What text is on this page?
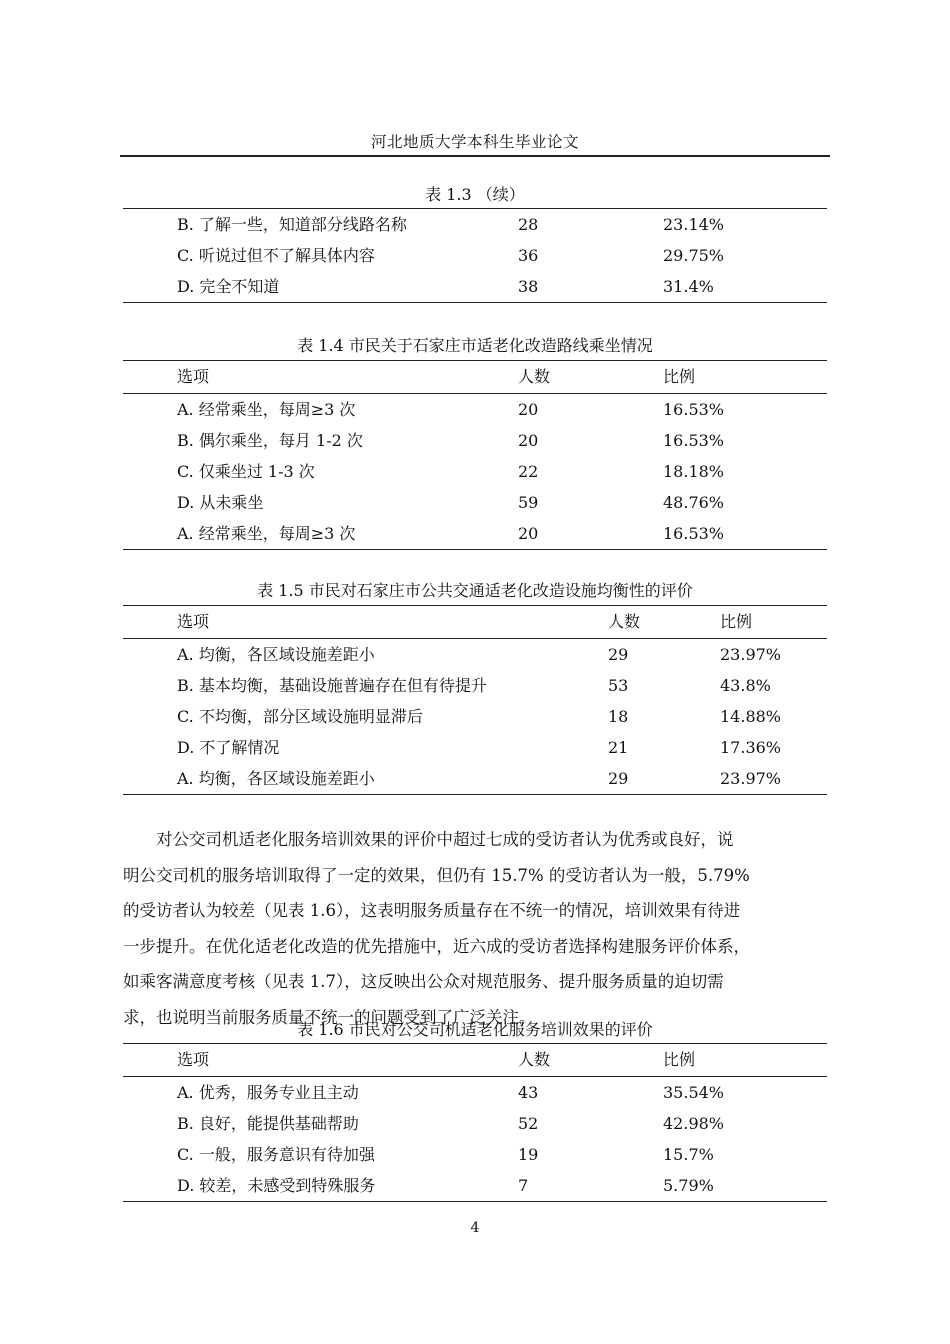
河北地质大学本科生毕业论文
表 1.3 （续）
B. 了解一些，知道部分线路名称	28	23.14%
C. 听说过但不了解具体内容	36	29.75%
D. 完全不知道	38	31.4%
表 1.4 市民关于石家庄市适老化改造路线乘坐情况
选项	人数	比例
A. 经常乘坐，每周≥3 次	20	16.53%
B. 偶尔乘坐，每月 1-2 次	20	16.53%
C. 仅乘坐过 1-3 次	22	18.18%
D. 从未乘坐	59	48.76%
A. 经常乘坐，每周≥3 次	20	16.53%
表 1.5 市民对石家庄市公共交通适老化改造设施均衡性的评价
选项	人数	比例
A. 均衡，各区域设施差距小	29	23.97%
B. 基本均衡，基础设施普遍存在但有待提升	53	43.8%
C. 不均衡，部分区域设施明显滞后	18	14.88%
D. 不了解情况	21	17.36%
A. 均衡，各区域设施差距小	29	23.97%

对公交司机适老化服务培训效果的评价中超过七成的受访者认为优秀或良好，说
明公交司机的服务培训取得了一定的效果，但仍有 15.7% 的受访者认为一般，5.79%
的受访者认为较差（见表 1.6），这表明服务质量存在不统一的情况，培训效果有待进
一步提升。在优化适老化改造的优先措施中，近六成的受访者选择构建服务评价体系，
如乘客满意度考核（见表 1.7），这反映出公众对规范服务、提升服务质量的迫切需
求，也说明当前服务质量不统一的问题受到了广泛关注。

表 1.6 市民对公交司机适老化服务培训效果的评价
选项	人数	比例
A. 优秀，服务专业且主动	43	35.54%
B. 良好，能提供基础帮助	52	42.98%
C. 一般，服务意识有待加强	19	15.7%
D. 较差，未感受到特殊服务	7	5.79%
4
